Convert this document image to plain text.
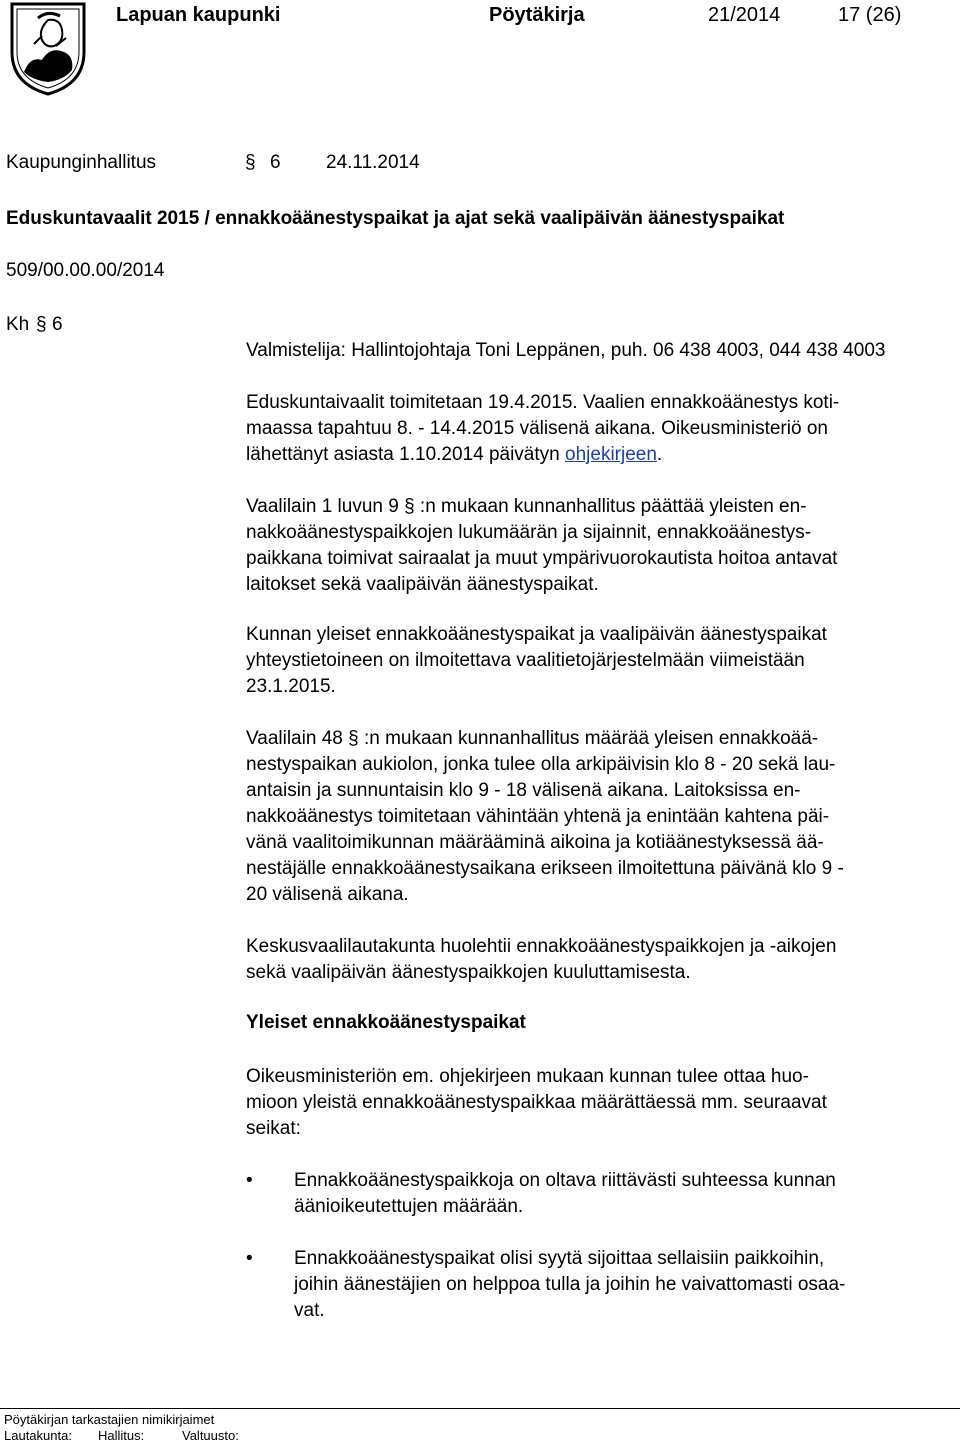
Lapuan kaupunki	Pöytäkirja	21/2014	17 (26)
Kaupunginhallitus	§ 6 24.11.2014
Eduskuntavaalit 2015 / ennakkoäänestyspaikat ja ajat sekä vaalipäivän äänestyspaikat
509/00.00.00/2014
Kh § 6
Valmistelija: Hallintojohtaja Toni Leppänen, puh. 06 438 4003, 044 438 4003

Eduskuntaivaalit toimitetaan 19.4.2015. Vaalien ennakkoäänestys koti-

maassa tapahtuu 8. - 14.4.2015 välisenä aikana. Oikeusministeriö on

lähettänyt asiasta 1.10.2014 päivätyn ohjekirjeen.

Vaalilain 1 luvun 9 § :n mukaan kunnanhallitus päättää yleisten en-

nakkoäänestyspaikkojen lukumäärän ja sijainnit, ennakkoäänestys-

paikkana toimivat sairaalat ja muut ympärivuorokautista hoitoa antavat

laitokset sekä vaalipäivän äänestyspaikat.

Kunnan yleiset ennakkoäänestyspaikat ja vaalipäivän äänestyspaikat

yhteystietoineen on ilmoitettava vaalitietojärjestelmään viimeistään

23.1.2015.

Vaalilain 48 § :n mukaan kunnanhallitus määrää yleisen ennakkoää-

nestyspaikan aukiolon, jonka tulee olla arkipäivisin klo 8 - 20 sekä lau-

antaisin ja sunnuntaisin klo 9 - 18 välisenä aikana. Laitoksissa en-

nakkoäänestys toimitetaan vähintään yhtenä ja enintään kahtena päi-

vänä vaalitoimikunnan määrääminä aikoina ja kotiäänestyksessä ää-

nestäjälle ennakkoäänestysaikana erikseen ilmoitettuna päivänä klo 9 -

20 välisenä aikana.

Keskusvaalilautakunta huolehtii ennakkoäänestyspaikkojen ja -aikojen

sekä vaalipäivän äänestyspaikkojen kuuluttamisesta.

Yleiset ennakkoäänestyspaikat

Oikeusministeriön em. ohjekirjeen mukaan kunnan tulee ottaa huo-

mioon yleistä ennakkoäänestyspaikkaa määrättäessä mm. seuraavat

seikat:

•	Ennakkoäänestyspaikkoja on oltava riittävästi suhteessa kunnan

äänioikeutettujen määrään.

•	Ennakkoäänestyspaikat olisi syytä sijoittaa sellaisiin paikkoihin,

joihin äänestäjien on helppoa tulla ja joihin he vaivattomasti osaa-

vat.

Pöytäkirjan tarkastajien nimikirjaimet
Lautakunta: Hallitus:	Valtuusto:
